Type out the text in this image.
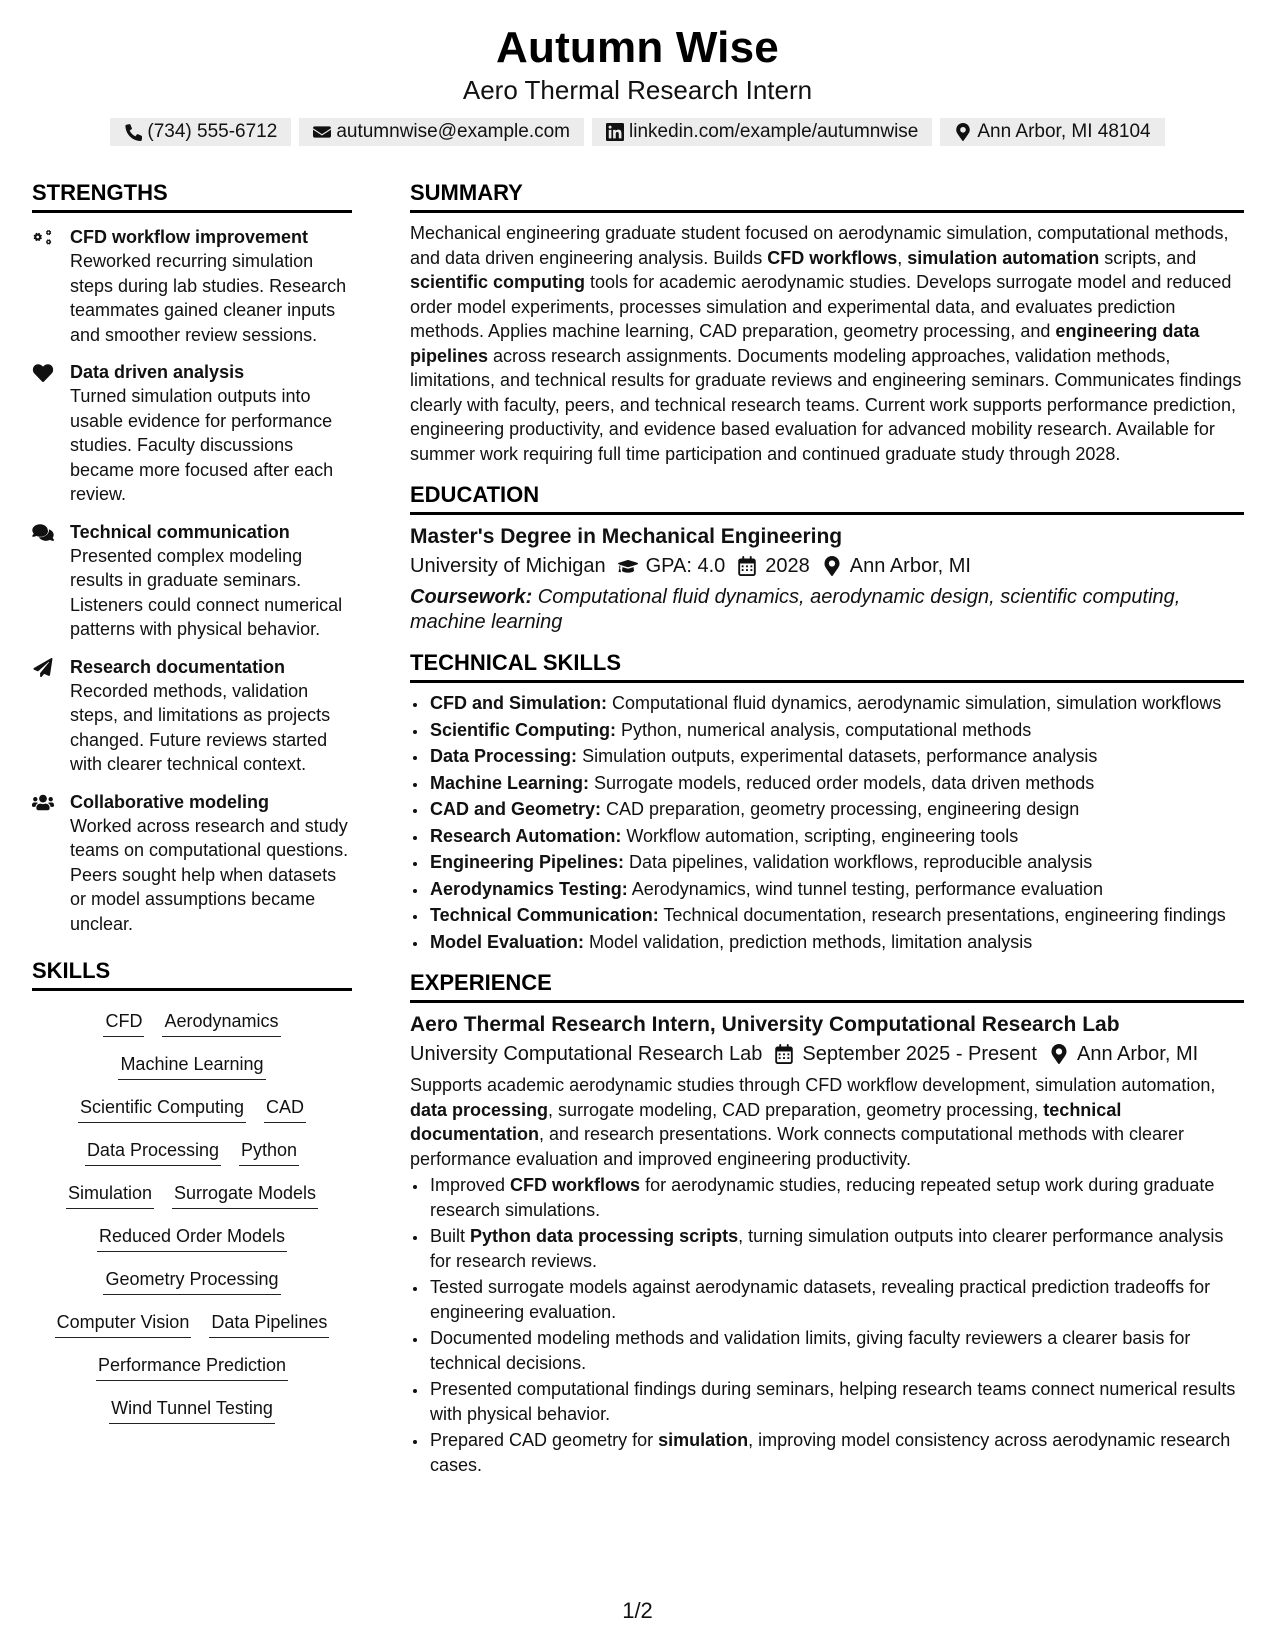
Autumn Wise
Aero Thermal Research Intern
(734) 555-6712	autumnwise@example.com	linkedin.com/example/autumnwise	Ann Arbor, MI 48104
STRENGTHS
CFD workflow improvement
Reworked recurring simulation steps during lab studies. Research teammates gained cleaner inputs and smoother review sessions.
Data driven analysis
Turned simulation outputs into usable evidence for performance studies. Faculty discussions became more focused after each review.
Technical communication
Presented complex modeling results in graduate seminars. Listeners could connect numerical patterns with physical behavior.
Research documentation
Recorded methods, validation steps, and limitations as projects changed. Future reviews started with clearer technical context.
Collaborative modeling
Worked across research and study teams on computational questions. Peers sought help when datasets or model assumptions became unclear.
SKILLS
CFD Aerodynamics
Machine Learning
Scientific Computing CAD
Data Processing Python
Simulation Surrogate Models
Reduced Order Models
Geometry Processing
Computer Vision Data Pipelines
Performance Prediction
Wind Tunnel Testing
SUMMARY
Mechanical engineering graduate student focused on aerodynamic simulation, computational methods, and data driven engineering analysis. Builds CFD workflows, simulation automation scripts, and scientific computing tools for academic aerodynamic studies. Develops surrogate model and reduced order model experiments, processes simulation and experimental data, and evaluates prediction methods. Applies machine learning, CAD preparation, geometry processing, and engineering data pipelines across research assignments. Documents modeling approaches, validation methods, limitations, and technical results for graduate reviews and engineering seminars. Communicates findings clearly with faculty, peers, and technical research teams. Current work supports performance prediction, engineering productivity, and evidence based evaluation for advanced mobility research. Available for summer work requiring full time participation and continued graduate study through 2028.
EDUCATION
Master's Degree in Mechanical Engineering
University of Michigan GPA: 4.0 2028 Ann Arbor, MI
Coursework: Computational fluid dynamics, aerodynamic design, scientific computing, machine learning
TECHNICAL SKILLS
• CFD and Simulation: Computational fluid dynamics, aerodynamic simulation, simulation workflows
• Scientific Computing: Python, numerical analysis, computational methods
• Data Processing: Simulation outputs, experimental datasets, performance analysis
• Machine Learning: Surrogate models, reduced order models, data driven methods
• CAD and Geometry: CAD preparation, geometry processing, engineering design
• Research Automation: Workflow automation, scripting, engineering tools
• Engineering Pipelines: Data pipelines, validation workflows, reproducible analysis
• Aerodynamics Testing: Aerodynamics, wind tunnel testing, performance evaluation
• Technical Communication: Technical documentation, research presentations, engineering findings
• Model Evaluation: Model validation, prediction methods, limitation analysis
EXPERIENCE
Aero Thermal Research Intern, University Computational Research Lab
University Computational Research Lab September 2025 - Present Ann Arbor, MI
Supports academic aerodynamic studies through CFD workflow development, simulation automation, data processing, surrogate modeling, CAD preparation, geometry processing, technical documentation, and research presentations. Work connects computational methods with clearer performance evaluation and improved engineering productivity.
• Improved CFD workflows for aerodynamic studies, reducing repeated setup work during graduate research simulations.
• Built Python data processing scripts, turning simulation outputs into clearer performance analysis for research reviews.
• Tested surrogate models against aerodynamic datasets, revealing practical prediction tradeoffs for engineering evaluation.
• Documented modeling methods and validation limits, giving faculty reviewers a clearer basis for technical decisions.
• Presented computational findings during seminars, helping research teams connect numerical results with physical behavior.
• Prepared CAD geometry for simulation, improving model consistency across aerodynamic research cases.
1/2
